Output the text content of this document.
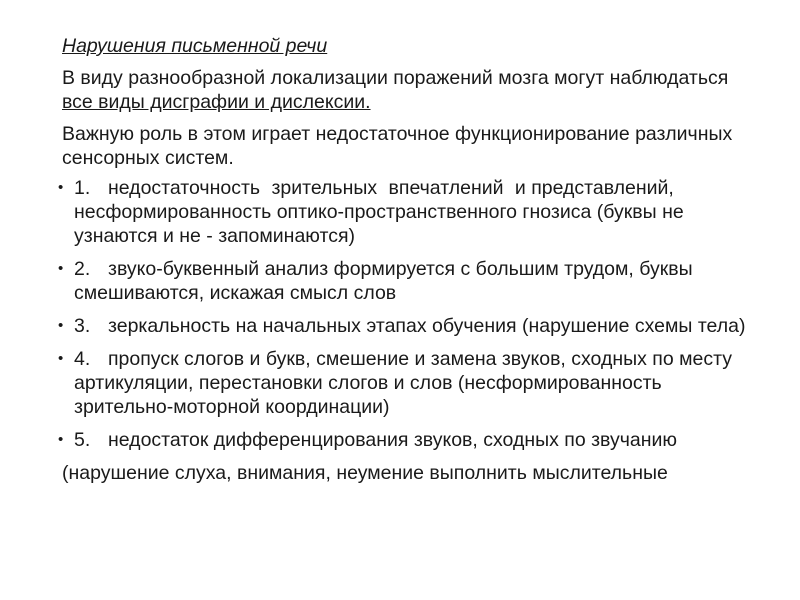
Нарушения письменной речи
В виду разнообразной локализации поражений мозга могут наблюдаться все виды дисграфии и дислексии.
Важную роль в этом играет недостаточное функционирование различных сенсорных систем.
• 1. недостаточность зрительных впечатлений и представлений, несформированность оптико-пространственного гнозиса (буквы не узнаются и не - запоминаются)
• 2. звуко-буквенный анализ формируется с большим трудом, буквы смешиваются, искажая смысл слов
• 3. зеркальность на начальных этапах обучения (нарушение схемы тела)
• 4. пропуск слогов и букв, смешение и замена звуков, сходных по месту артикуляции, перестановки слогов и слов (несформированность зрительно-моторной координации)
• 5. недостаток дифференцирования звуков, сходных по звучанию
(нарушение слуха, внимания, неумение выполнить мыслительные
